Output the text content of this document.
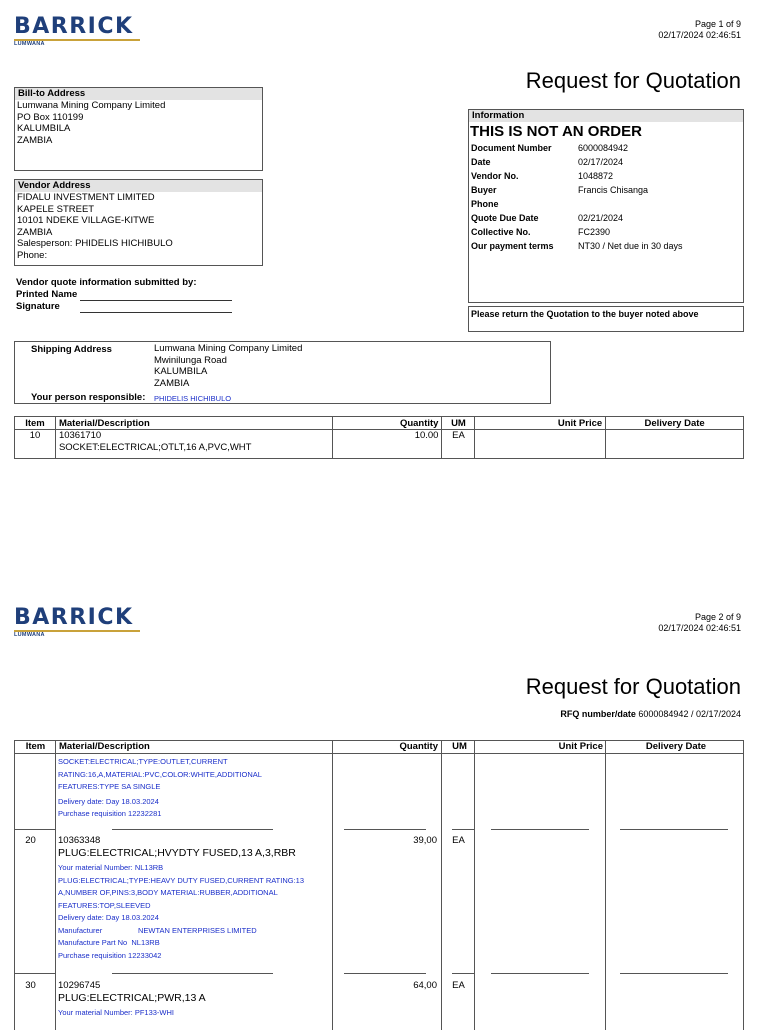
BARRICK
LUMWANA
Page 1 of 9
02/17/2024 02:46:51
Request for Quotation
Bill-to Address
Lumwana Mining Company Limited
PO Box 110199
KALUMBILA
ZAMBIA
Vendor Address
FIDALU INVESTMENT LIMITED
KAPELE STREET
10101 NDEKE VILLAGE-KITWE
ZAMBIA
Salesperson: PHIDELIS HICHIBULO
Phone:
Vendor quote information submitted by:
Printed Name
Signature
Information
THIS IS NOT AN ORDER
Document Number	6000084942
Date	02/17/2024
Vendor No.	1048872
Buyer	Francis Chisanga
Phone
Quote Due Date	02/21/2024
Collective No.	FC2390
Our payment terms	NT30 / Net due in 30 days
Please return the Quotation to the buyer noted above
Shipping Address	Lumwana Mining Company Limited
Mwinilunga Road
KALUMBILA
ZAMBIA
Your person responsible: PHIDELIS HICHIBULO
Item	Material/Description	Quantity	UM	Unit Price	Delivery Date
10	10361710
SOCKET:ELECTRICAL;OTLT,16 A,PVC,WHT	10.00	EA		
BARRICK
LUMWANA
Page 2 of 9
02/17/2024 02:46:51
Request for Quotation
RFQ number/date 6000084942 / 02/17/2024
Item	Material/Description	Quantity	UM	Unit Price	Delivery Date
SOCKET:ELECTRICAL;TYPE:OUTLET,CURRENT
RATING:16,A,MATERIAL:PVC,COLOR:WHITE,ADDITIONAL
FEATURES:TYPE SA SINGLE
Delivery date: Day 18.03.2024
Purchase requisition 12232281
20	10363348
PLUG:ELECTRICAL;HVYDTY FUSED,13 A,3,RBR
Your material Number: NL13RB
PLUG:ELECTRICAL;TYPE:HEAVY DUTY FUSED,CURRENT RATING:13
A,NUMBER OF,PINS:3,BODY MATERIAL:RUBBER,ADDITIONAL
FEATURES:TOP,SLEEVED
Delivery date: Day 18.03.2024
Manufacturer	NEWTAN ENTERPRISES LIMITED
Manufacture Part No NL13RB
Purchase requisition 12233042
39,00	EA
30	10296745
PLUG:ELECTRICAL;PWR,13 A
Your material Number: PF133-WHI
64,00	EA
